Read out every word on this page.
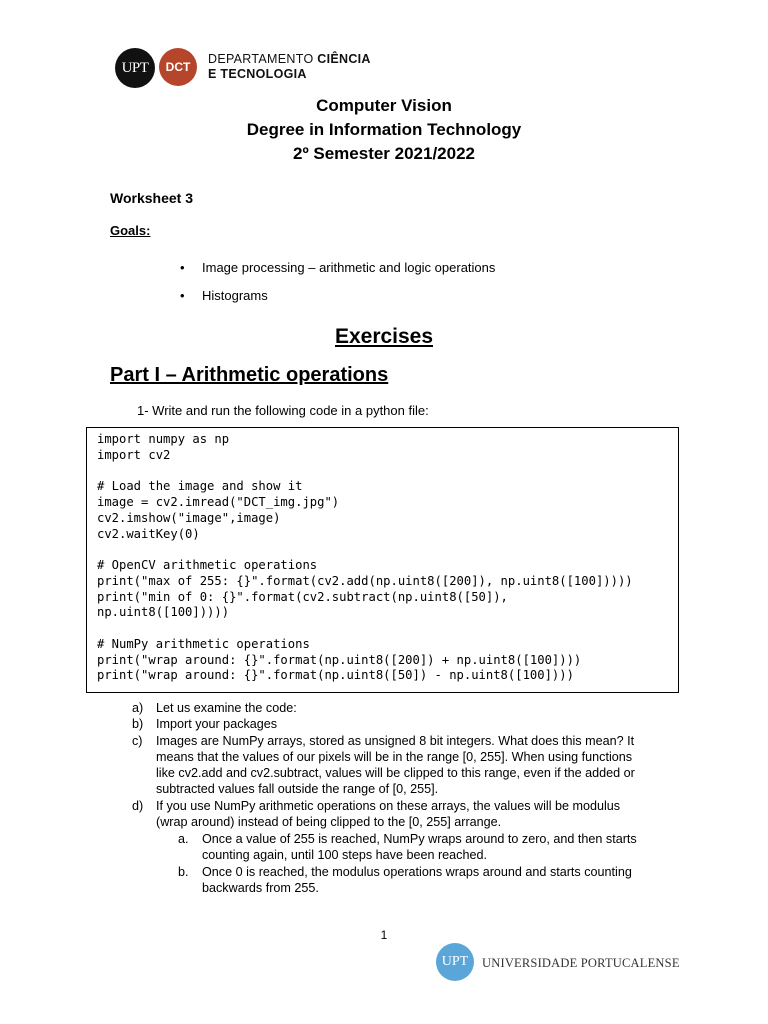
UPT DCT
DEPARTAMENTO CIÊNCIA
E TECNOLOGIA
Computer Vision
Degree in Information Technology
2º Semester 2021/2022
Worksheet 3
Goals:
• Image processing – arithmetic and logic operations
• Histograms
Exercises
Part I – Arithmetic operations
1- Write and run the following code in a python file:
import numpy as np
import cv2
# Load the image and show it
image = cv2.imread("DCT_img.jpg")
cv2.imshow("image",image)
cv2.waitKey(0)
# OpenCV arithmetic operations
print("max of 255: {}".format(cv2.add(np.uint8([200]), np.uint8([100]))))
print("min of 0: {}".format(cv2.subtract(np.uint8([50]),
np.uint8([100]))))
# NumPy arithmetic operations
print("wrap around: {}".format(np.uint8([200]) + np.uint8([100])))
print("wrap around: {}".format(np.uint8([50]) - np.uint8([100])))
a) Let us examine the code:
b) Import your packages
c) Images are NumPy arrays, stored as unsigned 8 bit integers. What does this mean? It
means that the values of our pixels will be in the range [0, 255]. When using functions
like cv2.add and cv2.subtract, values will be clipped to this range, even if the added or
subtracted values fall outside the range of [0, 255].
d) If you use NumPy arithmetic operations on these arrays, the values will be modulus
(wrap around) instead of being clipped to the [0, 255] arrange.
a. Once a value of 255 is reached, NumPy wraps around to zero, and then starts
counting again, until 100 steps have been reached.
b. Once 0 is reached, the modulus operations wraps around and starts counting
backwards from 255.
1
UPT UNIVERSIDADE PORTUCALENSE
